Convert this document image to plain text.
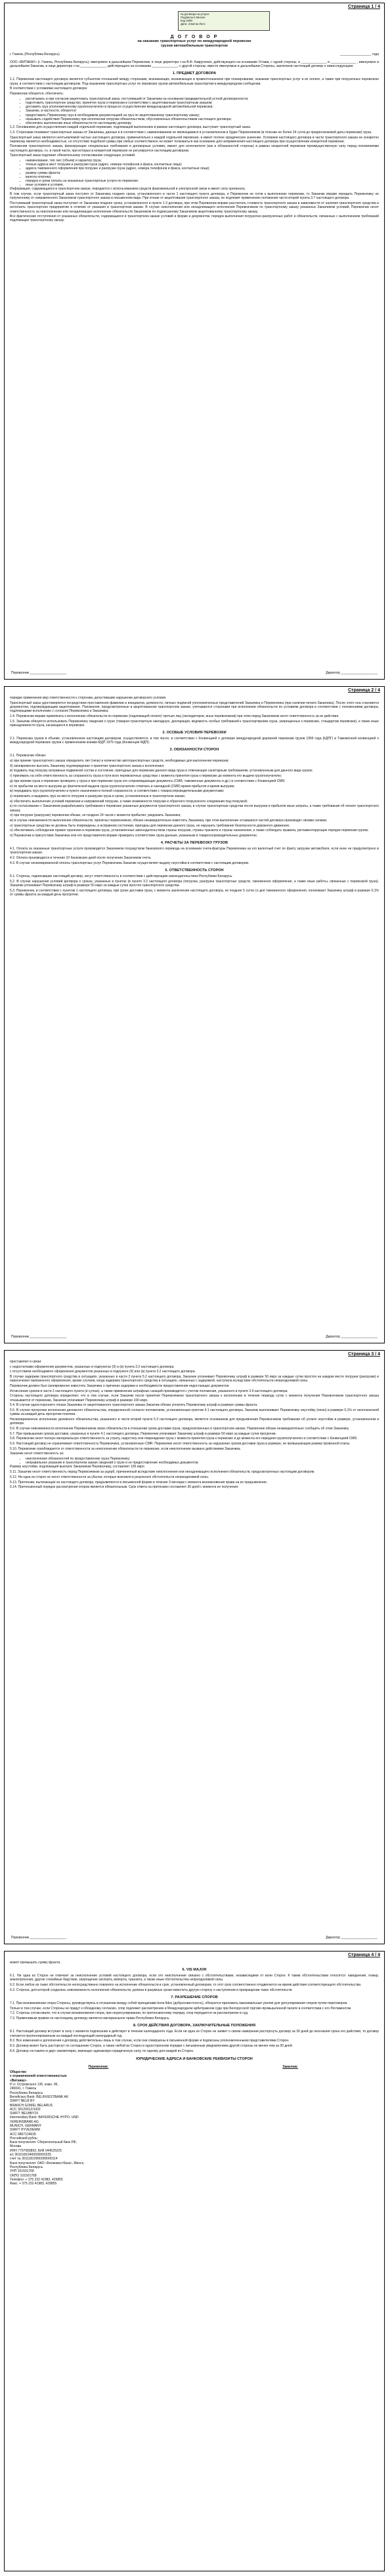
Страница 1 / 4
№ договора на услуги:
Подписан в Кинске:
Код 2009:
Дата: отметки Лего:
Д О Г О В О Р
на оказание транспортных услуг по международной перевозке
грузов автомобильным транспортом
г. Гомель (Республика Беларусь)	_________________ года

ООО «ВИТАКАУ» (г. Гомель, Республика Беларусь), именуемое в дальнейшем Перевозчик, в лице директора г-на В.Ф. Каврученко, действующего на основании Устава, с одной стороны, и ______________ и ______________ , именуемое в дальнейшем Заказчик, в лице директора г-на ______________, действующего на основании ______________, с другой стороны, вместе именуемые в дальнейшем Стороны, заключили настоящий договор о нижеследующем:

1. ПРЕДМЕТ ДОГОВОРА

1.1. Перевозчик настоящего договора является субъектом отношений между сторонами, возникающих, возникающих в правоотношениях при планировании, оказании транспортных услуг и их оплате, а также при погрузочных перевозках груза, в соответствии с настоящим договором. Под оказанием транспортных услуг по перевозке грузов автомобильным транспортом в международном сообщении.

В соответствии с условиями настоящего договора:

Перевозчик обязуется, обеспечить:

• расчитывать и при согласии акцептовать транспортный заказ, поступивший от Заказчика на основании предварительной устной договоренности;
• подготовить транспортное средство, принятое груза и перевозки в соответствии с акцептованным транспортным заказом;
• доставить груз уполномоченному грузополучателю в процессе осуществления международной автомобильной перевозки;
• Заказчик, в частности, обязуется:
• предоставить Перевозчику груз в необходимом документацией на груз по акцептованному транспортному заказу;
• оказывать содействие Перевозчику при исполнении погрузки обязательством, обусловленных обязательствами настоящего договора;
• обеспечить выполнение иных обязательств по настоящему договору.

1.2. Основанием для осуществления каждой отдельной перевозки, подлежащей выполнению в рамках настоящего договора, выступает транспортный заказ.

1.3. Сторонами понимают транспортные заказы от Заказчика, данные и в соответствии с наименованием не являющимися в установленном в будке Перевозчиком (в течение не более 24 суток до предполагаемой даты перевозки) груза.

Транспортный заказ является неотъемлемой частью настоящего договора, применительно к каждой отдельной перевозке, и имеет полное юридическое значение. Условием настоящего договора в части транспортного заказа не конкретно перевозку является необходимостью, но отсутствие подобной суммы при любых соответственно не может толковаться как основание для неприменения настоящего договора при осуществлении конкретной перевозки.

Положения транспортного заказа, фиксирующие специальные требования и договорные условия, имеют для исполнителя (как и обязанностей стороны) в рамках конкретной перевозки преимущественную силу перед положениями настоящего договора, т.к. в такой части, при которых в конкретной перевозке не регулируется настоящим договором.

Транспортный заказ подлежит обязательному согласованию следующих условий:

• наименование, тип, вес (объем) и характер груза;
• точные адреса мест погрузки и разгрузки груза (адрес, номера телефонов и факса, контактные лица);
• адреса таможенного оформления при погрузке и разгрузке груза (адрес, номера телефонов и факса, контактные лица);
• размер суммы фрахта;
• валюта платежа;
• порядок и сроки оплаты за оказанные транспортные услуги по перевозке;
• иные условия и условия.

Информация, содержащаяся в транспортном заказе, передается с использованием средств факсимильной и электронной связи и имеет силу оригинала.

В том случае, если транспортный заказ поступит от Заказчика позднее срока, установленного в части 1 настоящего пункта договора, и Перевозчик не готов к выполнению перевозки, то Заказчик вправе передать Перевозчику не полученному от направленного Заказчиком транспортного заказа в письменном виде. При отказе от акцептования транспортного заказа, не подлежит применению положения части второй пункта 3.7 настоящего договора.

Поступивший транспортный заказ поступает от Заказчика позднее срока, установленного в пункте 1.3 договора, при этом Перевозчик вправе рассчитать стоимость транспортного заказа в зависимости от наличия транспортного средства и исполнить транспортное предприятие в отличие от указания в транспортном заказе. В случае неисполнения или ненадлежащего исполнения Перевозчиком по транспортному заказу указанных Заказчиком условий, Перевозчик несет ответственность за неисполнение или ненадлежащее исполнение обязательств Заказчиком по подписанному Заказчиком акцептованному транспортному заказу.

Все фактические отступления от указанных обязательств, содержащихся в транспортном заказе условий и форме и документов, порядок выполнения погрузочно-разгрузочных работ и обязательств, связанных с выполнением требований подлежащих транспортному заказу.

Перевозчик ____________________	Директор ____________________
Страница 2 / 4

порядке применения мер ответственности к сторонам, допустившим нарушение договорного условия.

Транспортный заказ удостоверяется посредством проставления фамилии и инициалов, должности, личных подписей уполномоченных представителей Заказчика и Перевозчика (при наличии печати Заказчика). После этого она становится документом, подтверждающим акцептование. Положения, предусмотренные в акцептованном транспортном заказе, учитываются сторонами при исполнении обязательств по условиям договора в соответствии с положениями договора, подлежащими исполнению с согласия Перевозчика и Заказчика.

1.4. Перевозчик вправе привлекать к исполнению обязательств по перевозке (подлежащей оплате) третьих лиц (экспедиторов, иных перевозчиков) при этом перед Заказчиком несет ответственность за их действия.

1.5. Заказчик обязуется использовать Перевозчику сведения о грузе (товарно-транспортную накладную, декларации, ведомость особых требований к транспортировке груза, запрещенных к перевозке, стандартам перевозки), а также иные принадлежности груза, касающиеся в перевозке.

2. ОСОБЫЕ УСЛОВИЯ ПЕРЕВОЗКИ

2.1. Перевозка грузов в объеме, установленном настоящим договором, осуществляется, в том числе, в соответствии с Конвенцией о договоре международной дорожной перевозки грузов 1956 года (КДПГ) и Таможенной конвенцией о международной перевозке грузов с применением книжки МДП 1975 года (Конвенция МДП).

3. ОБЯЗАННОСТИ СТОРОН

3.1. Перевозчик обязан:

а) при приеме транспортного заказа определить тип (типы) и количество автотранспортных средств, необходимых для выполнения перевозки;

б) своевременно выслать Заказчику подтверждение о принятии транспортного заказа к исполнению;

в) подавать под погрузку исправные подвижной состав и состояние, пригодные для перевозки данного вида груза и отвечающие санитарным требованиям, установленным для данного вида грузов;

г) принимать на себя ответственность за сохранность груза в пути всех перевозочных средствах с момента принятия груза к перевозке до момента его выдачи грузополучателю;

д) при приеме груза к перевозке проверить у груза и при перевозке груза его сопровождающие документы (CMR, таможенные документы и др.) в соответствии с Конвенцией CMR;

е) по прибытии на место выгрузки до фактической выдачи груза грузополучателю отмечать в накладной (CMR) время прибытия и время выгрузки;

ж) передавать груз грузополучателю в пункте назначения в полной сохранности, в соответствии с товаросопроводительными документами;

з) перевозить и выдавать груз на место погрузки и разгрузки груза в сроки, установленные в транспортном заказе;

и) обеспечить выполнение условий перевозки и направлений погрузки, а также возможности погрузки и обратного погрузочного следования под погрузкой;

к) по согласованию с Заказчиком разрабатывать требования к перевозке указанных документов транспортного заказа, в случае транспортные средства после выгрузки и прибытия иные затраты, а также требования об оплате транспортного заказа;

л) при погрузке (разгрузке) перевозчик обязан, не позднее 24 часов с момента прибытия, уведомить Заказчика;

м) в случае невозможности выполнения обязательств, принятых перевозчиком, обязан незамедлительно известить Заказчика, при этом выполнение оставшихся частей договора производит своими силами;

н) транспортные средства не должны быть повреждены, в исправном состоянии, пригодны для перевозки данного груза, не нарушать требования безопасности дорожного движения;

о) обеспечивать соблюдение правил хранения и перевозки груза, установленных законодательством страны погрузки, страны транзита и страны назначения, а также соблюдать правила, регламентирующие порядок перевозки грузов;

п) Перевозчик в присутствии Заказчика или его представителя вправе проверить соответствие груза данным, указанным в товаросопроводительных документах.

4. РАСЧЕТЫ ЗА ПЕРЕВОЗКУ ГРУЗОВ

4.1. Оплата за оказанные транспортные услуги производится Заказчиком посредством банковского перевода на основании счета-фактуры Перевозчика на его валютный счет по факту загрузки автомобиля, если иное не предусмотрено в транспортном заказе.

4.2. Оплата производится в течение 10 банковских дней после получения Заказчиком счета.

4.3. В случае несвоевременной оплаты транспортных услуг Перевозчика Заказчик осуществляет выдачу неустойки в соответствии с настоящим договором.

5. ОТВЕТСТВЕННОСТЬ СТОРОН

5.1. Стороны, подписавшие настоящий договор, несут ответственность в соответствии с действующим законодательством Республики Беларусь.

5.2. В случае нарушения условий договора о сроках, указанных в пунктах (в пункте 3.2 настоящего договора (погрузка, разгрузка транспортных средств, таможенное оформление, а также иные работы, связанные с перевозкой груза), Заказчик уплачивает Перевозчику штраф в размере 50 евро за каждые сутки простоя транспортного средства.

5.3. Перевозчик, в соответствии с пунктом 1 настоящего договора, при сроке доставки груза, с момента заключения настоящего договора, не позднее 5 суток со дня таможенного оформления, оплачивает Заказчику штраф в размере 0,1% от суммы фрахта за каждый день просрочки.

Перевозчик ____________________	Директор ____________________
Страница 3 / 4

проставляет в связи:

с недостатками оформления документов, указанных в подпунктах (б) и (в) пункта 3.2 настоящего договора;

с отсутствием необходимого оформления документов указанных в подпункте (б) или (в) пункта 3.2 настоящего договора.

В случае задержки транспортного средства в ситуациях, указанных в части 2 пункта 5.2 настоящего договора, Заказчик уплачивает Перевозчику штраф в размере 50 евро за каждые сутки простоя на каждом месте погрузки (разгрузки) и пересечения таможенного оформления, кроме случаев, когда задержка транспортного средства в ситуациях, связанных с задержкой, наступила вследствие обстоятельств непреодолимой силы.

Перевозчик должен был своевременно известить Заказчика о причинах задержки и необходимости предоставления недостающих документов.

Исчисление сроков в части 2 настоящего пункта (в сутках), а также применение штрафных санкций производится с учетом положения, указанного в пункте 3.9 настоящего договора.

Стороны настоящего договора определяют, что в том случае, если Заказчик после принятия Перевозчиком транспортного заказа к исполнению в течение периода суток с момента получения Перевозчиком транспортного заказа отказывается от перевозки, Заказчик уплачивает Перевозчику штраф в размере 100 евро.

5.4. В случае одностороннего отказа Заказчика от акцептованного транспортного заказа Заказчик обязан уплатить Перевозчику штраф в размере суммы фрахта.

5.5. В случае просрочки исполнения денежного обязательства, определенной согласно положениям, установленным пунктом 4.1 настоящего договора, Заказчик выплачивает Перевозчику неустойку (пеню) в размере 0,1% от неоплаченной суммы за каждый день просрочки платежа.

Несвоевременное исполнение денежного обязательства, указанного в части второй пункта 5.3 настоящего договора, является основанием для предъявления Перевозчиком требования об уплате неустойки в размере, установленном в договоре.

5.6. В случае невозможности исполнения Перевозчиком своих обязательств в отношении срока доставки груза, предусмотренных в транспортном заказе, Перевозчик обязан незамедлительно сообщить об этом Заказчику.

5.7. При превышении сроков доставки, указанных в пункте 4.1 настоящего договора, Перевозчик уплачивает Заказчику штраф в размере 50 евро за каждые сутки просрочки.

5.8. Перевозчик несет полную материальную ответственность за утрату, недостачу или повреждение груза с момента принятия груза к перевозке и до момента его передачи грузополучателю в соответствии с Конвенцией CMR.

5.9. Настоящий договор не ограничивает ответственность Перевозчика, установленную CMR. Перевозчик несет ответственность за нарушение сроков доставки груза в размере, не превышающем размер провозной платы.

5.10. Перевозчик освобождается от ответственности за неисполнение обязательств по перевозке, если неисполнение вызвано действиями Заказчика.

Заказчик несет ответственность за:

• неисполнение обязанностей по предоставлению груза Перевозчику;
• неправильное указание в транспортном заказе сведений о грузе и не предоставление необходимых документов.

Размер неустойки, подлежащей выплате Заказчиком Перевозчику, составляет 100 евро.

5.11. Заказчик несет ответственность перед Перевозчиком за ущерб, причиненный вследствие неисполнения или ненадлежащего исполнения обязательств, предусмотренных настоящим договором.

5.12. Ни одна из сторон не несет ответственности за убытки, которые возникли в результате обстоятельств непреодолимой силы.

5.13. Претензии, вытекающие из настоящего договора, предъявляются в письменной форме в течение 3 месяцев с момента возникновения права на их предъявление.

5.14. Претензионный порядок рассмотрения споров является обязательным. Срок ответа на претензию составляет 30 дней с момента ее получения.

Перевозчик ____________________	Директор ____________________
Страница 4 / 4

может превышать сумму фрахта.

6. VIS MAJOR

6.1. Ни одна из Сторон не отвечает за неисполнение условий настоящего договора, если это неисполнение связано с обстоятельствами, независящими от воли Сторон. К таким обстоятельствам относятся: наводнения, пожар, землетрясения, другие стихийные бедствия, запрещение экспорта, импорта, транзита, а также иные обстоятельства непреодолимой силы.

6.2. Если любое из таких обстоятельств непосредственно повлияло на исполнение обязательств в срок, установленный договором, то этот срок соответственно отодвигается на время действия соответствующего обстоятельства.

6.3. Сторона, для которой создалась невозможность исполнения обязательств, должна в разумные сроки известить другую сторону о наступлении и прекращении таких обстоятельств.

7. РАЗРЕШЕНИЕ СПОРОВ

7.1. При возникновении спора Стороны, руководствуясь в отношении между собой принципами bona fides (добросовестность), обязуются приложить максимальные усилия для урегулирования споров путем переговоров.

Только в том случае, если Стороны не придут к обоюдному согласию, спор подлежит рассмотрению в Международном арбитражном суде при Белорусской торгово-промышленной палате в соответствии с его Регламентом.

7.2. Стороны согласовали, что в случае возникновения спора, при неурегулировании, по претензионному порядку, спор передается на рассмотрение в суд.

7.3. Применимым правом по настоящему договору является материальное право Республики Беларусь.

8. СРОК ДЕЙСТВИЯ ДОГОВОРА, ЗАКЛЮЧИТЕЛЬНЫЕ ПОЛОЖЕНИЯ

8.1. Настоящий договор вступает в силу с момента подписания и действует в течение календарного года. Если ни одна из Сторон не заявит о своем намерении расторгнуть договор за 30 дней до окончания срока его действия, то договор считается пролонгированным на каждый последующий календарный год.

8.2. Все изменения и дополнения к договору действительны лишь в том случае, если они совершены в письменной форме и подписаны уполномоченными представителями Сторон.

8.3. Договор может быть расторгнут по соглашению Сторон, а также любой из Сторон в одностороннем порядке с письменным уведомлением другой стороны не менее чем за 30 дней.

8.4. Договор составлен в двух экземплярах, имеющих одинаковую юридическую силу, по одному для каждой из Сторон.

ЮРИДИЧЕСКИЕ АДРЕСА И БАНКОВСКИЕ РЕКВИЗИТЫ СТОРОН
Перевозчик:
Общество
с ограниченной ответственностью
«Витакау»
Р-л: Остромского 135, комн. 96,
246041, г. Гомель
Республика Беларусь
Beneficiary Bank: BELINVESTBANK AK
SWIFT BELB BY
BRANCH GOMEL BELARUS
ACC 30120012/1002
SWIFT: BELBBY2X
Intermediary Bank: BAYERISCHE HYPO- UND
VEREINSBANK AG
MUNICH, GERMANY
SWIFT HYVEDEMM
ACC 6867124635
Российский рубль:
Банк получателя: Сберегательный банк РФ,
Москва
ИНН 7707083893, БИК 044525225
к/с 30101810400000000225
счет № 30111810000000000114
Банк получателя: ОАО «Белинвестбанк», Минск,
Республика Беларусь
УНП 101501768
ОКПО 101501768
Телефон: + 375 232 41983, 429855
Факс: + 375 232 41983, 429855
Заказчик:
